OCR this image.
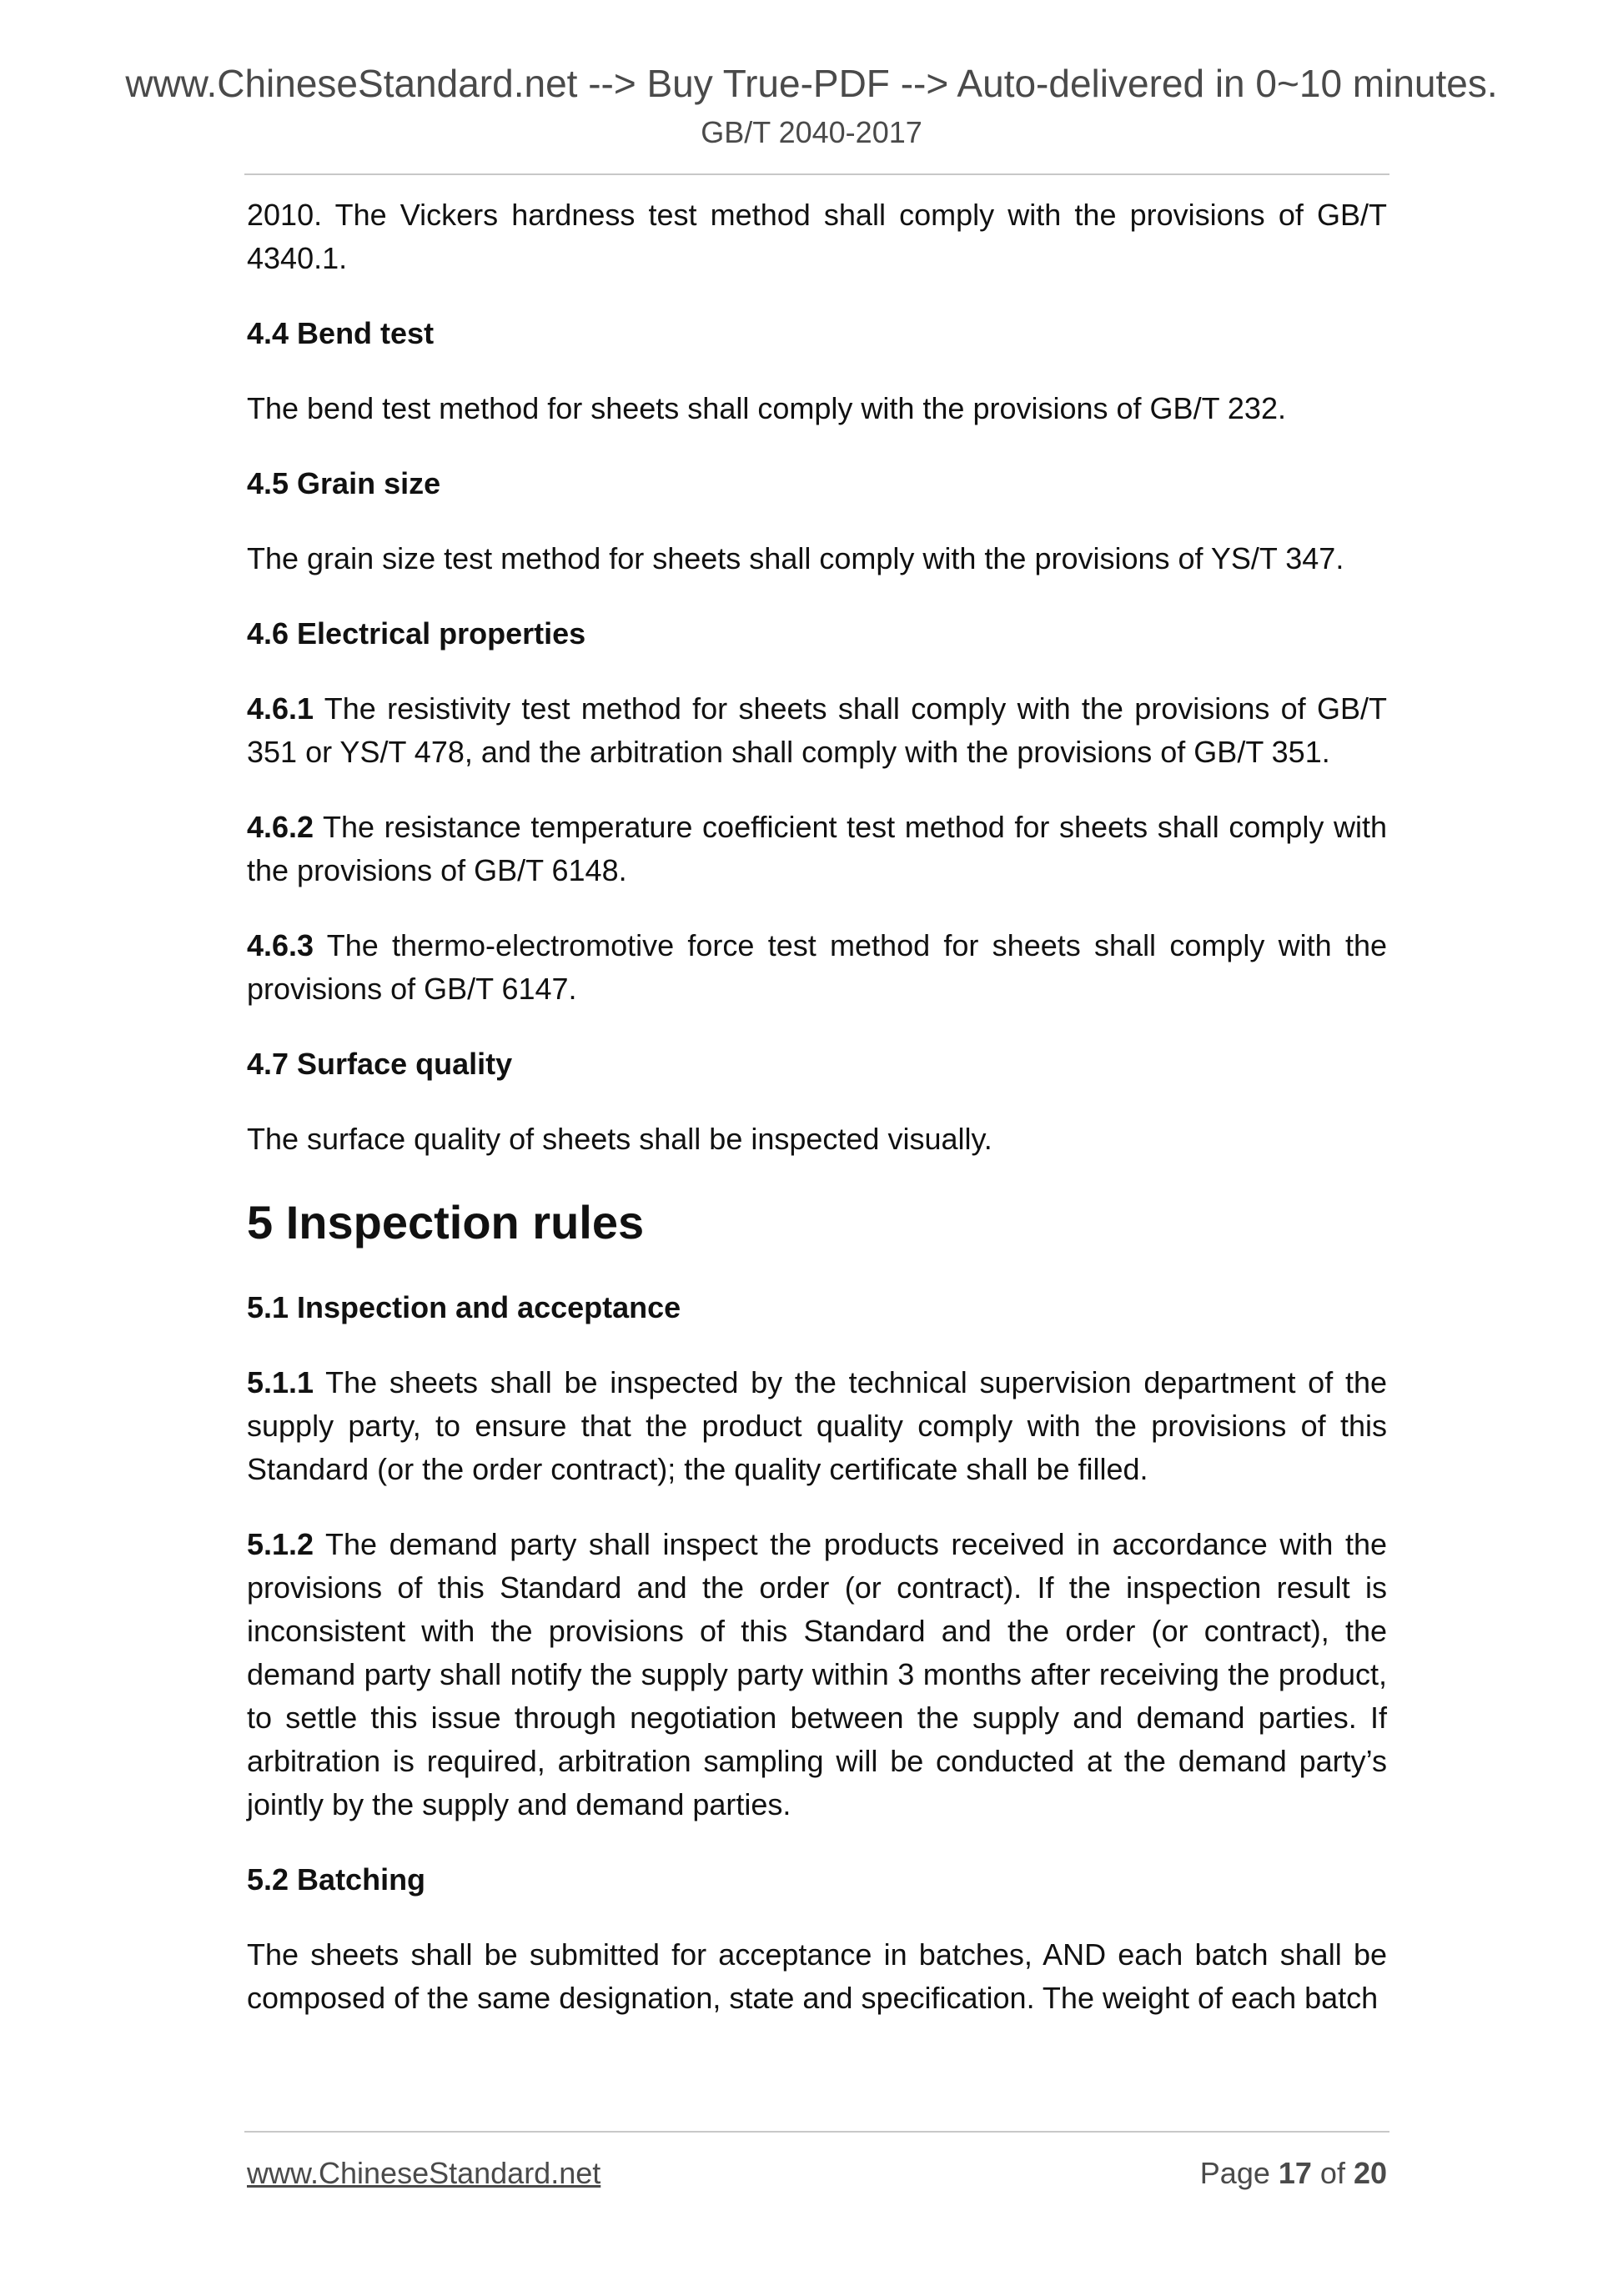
www.ChineseStandard.net --> Buy True-PDF --> Auto-delivered in 0~10 minutes.
GB/T 2040-2017

2010. The Vickers hardness test method shall comply with the provisions of GB/T 4340.1.

4.4 Bend test

The bend test method for sheets shall comply with the provisions of GB/T 232.

4.5 Grain size

The grain size test method for sheets shall comply with the provisions of YS/T 347.

4.6 Electrical properties

4.6.1 The resistivity test method for sheets shall comply with the provisions of GB/T 351 or YS/T 478, and the arbitration shall comply with the provisions of GB/T 351.

4.6.2 The resistance temperature coefficient test method for sheets shall comply with the provisions of GB/T 6148.

4.6.3 The thermo-electromotive force test method for sheets shall comply with the provisions of GB/T 6147.

4.7 Surface quality

The surface quality of sheets shall be inspected visually.

5 Inspection rules
5.1 Inspection and acceptance

5.1.1 The sheets shall be inspected by the technical supervision department of the supply party, to ensure that the product quality comply with the provisions of this Standard (or the order contract); the quality certificate shall be filled.

5.1.2 The demand party shall inspect the products received in accordance with the provisions of this Standard and the order (or contract). If the inspection result is inconsistent with the provisions of this Standard and the order (or contract), the demand party shall notify the supply party within 3 months after receiving the product, to settle this issue through negotiation between the supply and demand parties. If arbitration is required, arbitration sampling will be conducted at the demand party’s jointly by the supply and demand parties.

5.2 Batching

The sheets shall be submitted for acceptance in batches, AND each batch shall be composed of the same designation, state and specification. The weight of each batch

www.ChineseStandard.net	Page 17 of 20
